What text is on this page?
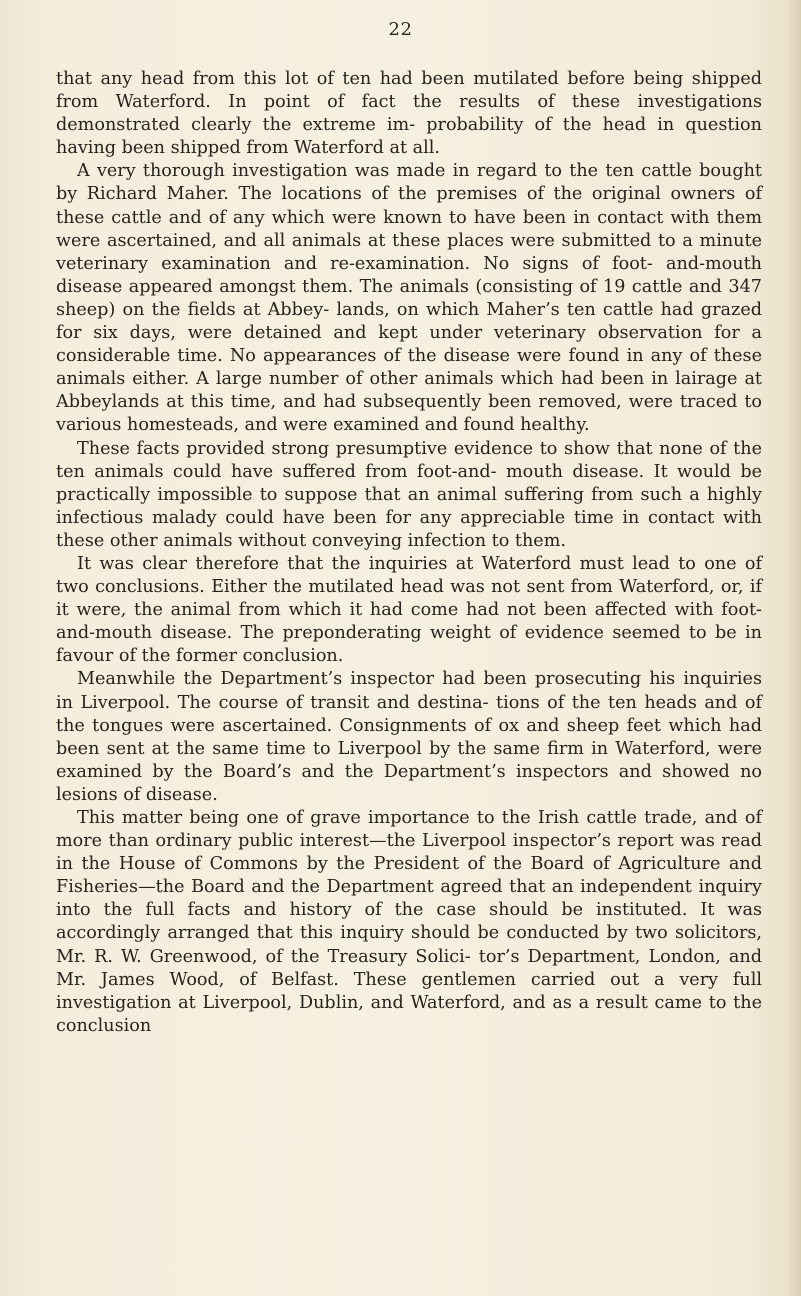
22

that any head from this lot of ten had been mutilated before being shipped from Waterford. In point of fact the results of these investigations demonstrated clearly the extreme im- probability of the head in question having been shipped from Waterford at all.

A very thorough investigation was made in regard to the ten cattle bought by Richard Maher. The locations of the premises of the original owners of these cattle and of any which were known to have been in contact with them were ascertained, and all animals at these places were submitted to a minute veterinary examination and re-examination. No signs of foot- and-mouth disease appeared amongst them. The animals (consisting of 19 cattle and 347 sheep) on the fields at Abbey- lands, on which Maher’s ten cattle had grazed for six days, were detained and kept under veterinary observation for a considerable time. No appearances of the disease were found in any of these animals either. A large number of other animals which had been in lairage at Abbeylands at this time, and had subsequently been removed, were traced to various homesteads, and were examined and found healthy.

These facts provided strong presumptive evidence to show that none of the ten animals could have suffered from foot-and- mouth disease. It would be practically impossible to suppose that an animal suffering from such a highly infectious malady could have been for any appreciable time in contact with these other animals without conveying infection to them.

It was clear therefore that the inquiries at Waterford must lead to one of two conclusions. Either the mutilated head was not sent from Waterford, or, if it were, the animal from which it had come had not been affected with foot-and-mouth disease. The preponderating weight of evidence seemed to be in favour of the former conclusion.

Meanwhile the Department’s inspector had been prosecuting his inquiries in Liverpool. The course of transit and destina- tions of the ten heads and of the tongues were ascertained. Consignments of ox and sheep feet which had been sent at the same time to Liverpool by the same firm in Waterford, were examined by the Board’s and the Department’s inspectors and showed no lesions of disease.

This matter being one of grave importance to the Irish cattle trade, and of more than ordinary public interest—the Liverpool inspector’s report was read in the House of Commons by the President of the Board of Agriculture and Fisheries—the Board and the Department agreed that an independent inquiry into the full facts and history of the case should be instituted. It was accordingly arranged that this inquiry should be conducted by two solicitors, Mr. R. W. Greenwood, of the Treasury Solici- tor’s Department, London, and Mr. James Wood, of Belfast. These gentlemen carried out a very full investigation at Liverpool, Dublin, and Waterford, and as a result came to the conclusion
